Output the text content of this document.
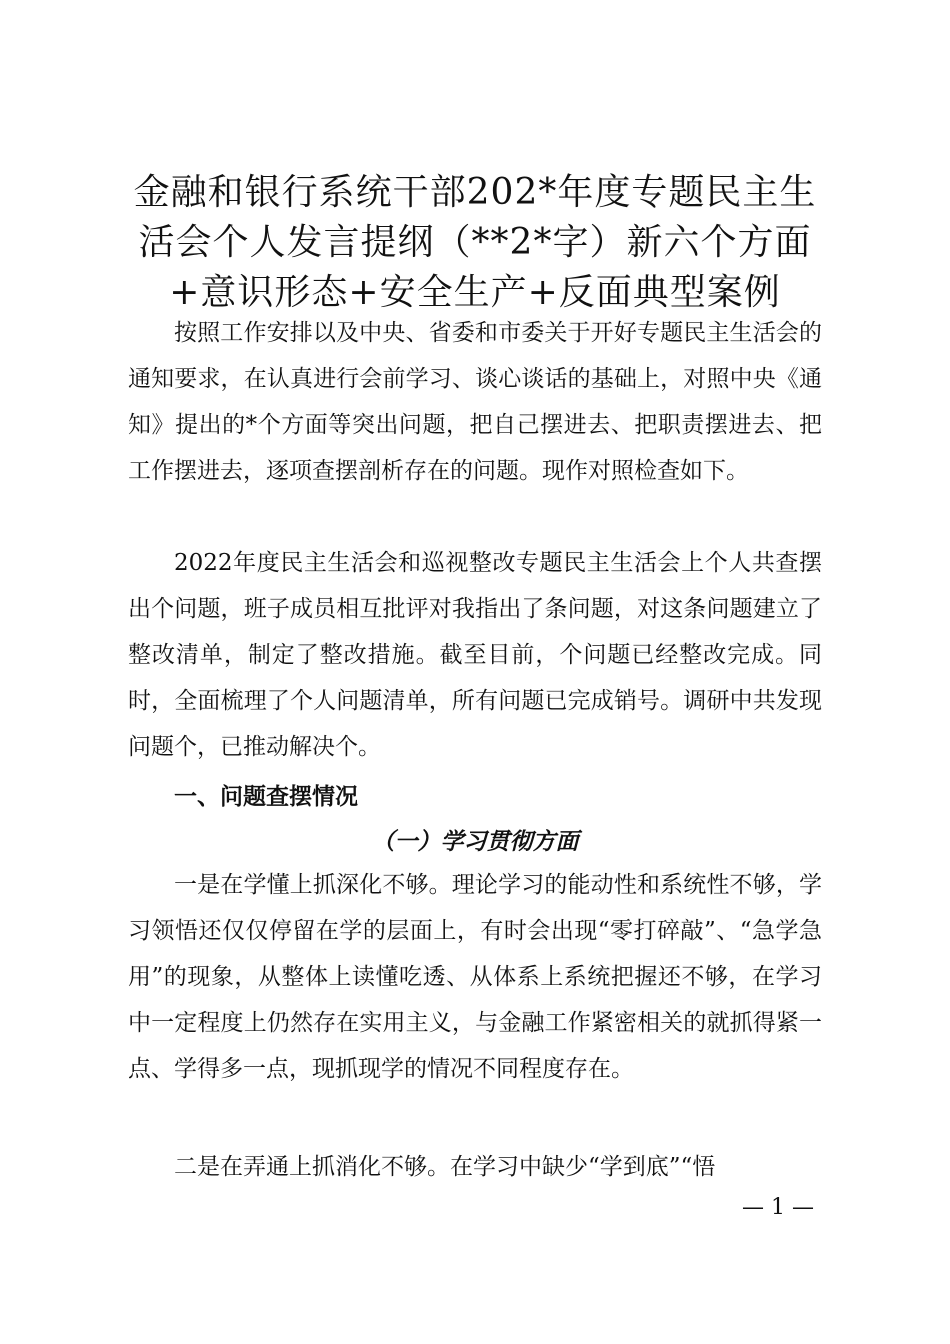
金融和银行系统干部202*年度专题民主生活会个人发言提纲（**2*字）新六个方面+意识形态+安全生产+反面典型案例

按照工作安排以及中央、省委和市委关于开好专题民主生活会的通知要求，在认真进行会前学习、谈心谈话的基础上，对照中央《通知》提出的*个方面等突出问题，把自己摆进去、把职责摆进去、把工作摆进去，逐项查摆剖析存在的问题。现作对照检查如下。

2022年度民主生活会和巡视整改专题民主生活会上个人共查摆出个问题，班子成员相互批评对我指出了条问题，对这条问题建立了整改清单，制定了整改措施。截至目前，个问题已经整改完成。同时，全面梳理了个人问题清单，所有问题已完成销号。调研中共发现问题个，已推动解决个。

一、问题查摆情况
（一）学习贯彻方面

一是在学懂上抓深化不够。理论学习的能动性和系统性不够，学习领悟还仅仅停留在学的层面上，有时会出现“零打碎敲”、“急学急用”的现象，从整体上读懂吃透、从体系上系统把握还不够，在学习中一定程度上仍然存在实用主义，与金融工作紧密相关的就抓得紧一点、学得多一点，现抓现学的情况不同程度存在。

二是在弄通上抓消化不够。在学习中缺少“学到底”“悟

— 1 —
